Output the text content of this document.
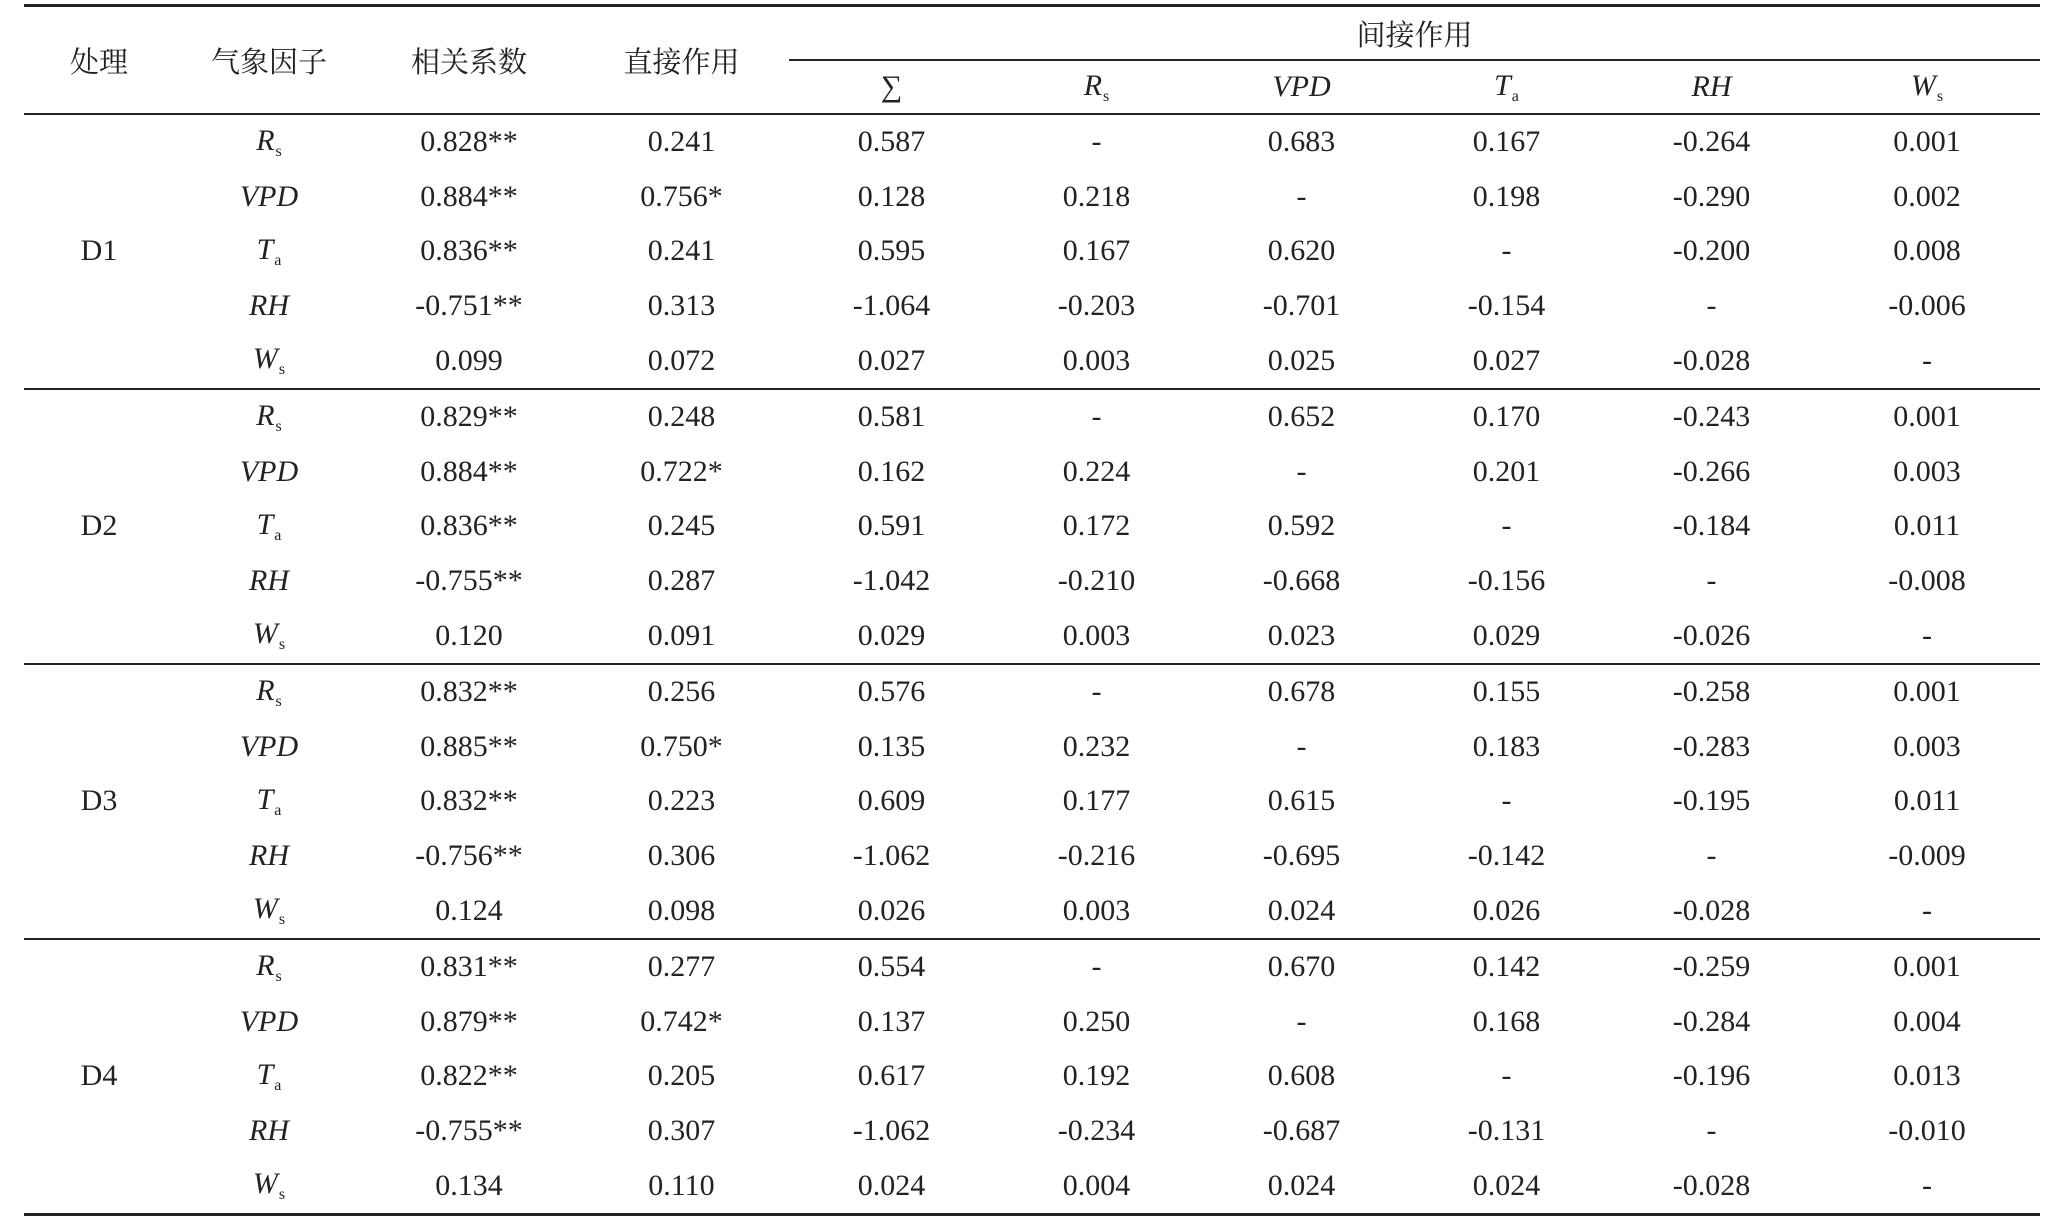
处理	气象因子	相关系数	直接作用	间接作用					
				∑	$R_s$	VPD	$T_a$	RH	$W_s$
D1	$R_s$	0.828**	0.241	0.587	-	0.683	0.167	-0.264	0.001
	VPD	0.884**	0.756*	0.128	0.218	-	0.198	-0.290	0.002
	$T_a$	0.836**	0.241	0.595	0.167	0.620	-	-0.200	0.008
	RH	-0.751**	0.313	-1.064	-0.203	-0.701	-0.154	-	-0.006
	$W_s$	0.099	0.072	0.027	0.003	0.025	0.027	-0.028	-
D2	$R_s$	0.829**	0.248	0.581	-	0.652	0.170	-0.243	0.001
	VPD	0.884**	0.722*	0.162	0.224	-	0.201	-0.266	0.003
	$T_a$	0.836**	0.245	0.591	0.172	0.592	-	-0.184	0.011
	RH	-0.755**	0.287	-1.042	-0.210	-0.668	-0.156	-	-0.008
	$W_s$	0.120	0.091	0.029	0.003	0.023	0.029	-0.026	-
D3	$R_s$	0.832**	0.256	0.576	-	0.678	0.155	-0.258	0.001
	VPD	0.885**	0.750*	0.135	0.232	-	0.183	-0.283	0.003
	$T_a$	0.832**	0.223	0.609	0.177	0.615	-	-0.195	0.011
	RH	-0.756**	0.306	-1.062	-0.216	-0.695	-0.142	-	-0.009
	$W_s$	0.124	0.098	0.026	0.003	0.024	0.026	-0.028	-
D4	$R_s$	0.831**	0.277	0.554	-	0.670	0.142	-0.259	0.001
	VPD	0.879**	0.742*	0.137	0.250	-	0.168	-0.284	0.004
	$T_a$	0.822**	0.205	0.617	0.192	0.608	-	-0.196	0.013
	RH	-0.755**	0.307	-1.062	-0.234	-0.687	-0.131	-	-0.010
	$W_s$	0.134	0.110	0.024	0.004	0.024	0.024	-0.028	-
